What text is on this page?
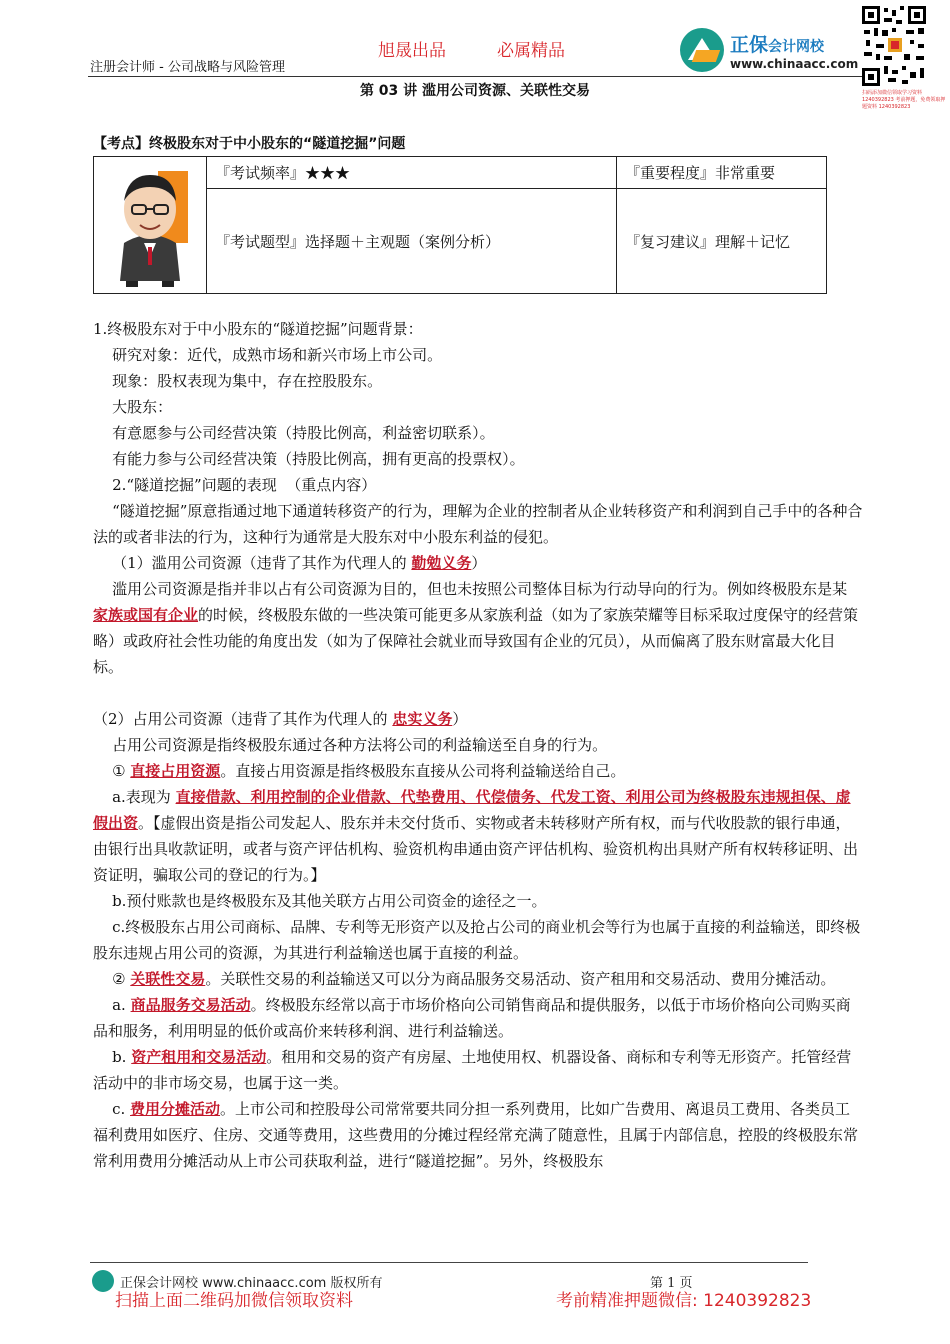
注册会计师 - 公司战略与风险管理
旭晟出品	必属精品	正保会计网校
www.chinaacc.com
扫码添加微信领取学习资料 1240392823 考前押题，免费领取押题资料 1240392823
第 03 讲 滥用公司资源、关联性交易
【考点】终极股东对于中小股东的“隧道挖掘”问题
	『考试频率』★★★	『重要程度』非常重要
	『考试题型』选择题＋主观题（案例分析）	『复习建议』理解＋记忆

1.终极股东对于中小股东的“隧道挖掘”问题背景：

研究对象：近代，成熟市场和新兴市场上市公司。

现象：股权表现为集中，存在控股股东。

大股东：

有意愿参与公司经营决策（持股比例高，利益密切联系）。

有能力参与公司经营决策（持股比例高，拥有更高的投票权）。

2.“隧道挖掘”问题的表现  （重点内容）

“隧道挖掘”原意指通过地下通道转移资产的行为，理解为企业的控制者从企业转移资产和利润到自己手中的各种合法的或者非法的行为，这种行为通常是大股东对中小股东利益的侵犯。

（1）滥用公司资源（违背了其作为代理人的 勤勉义务）

滥用公司资源是指并非以占有公司资源为目的，但也未按照公司整体目标为行动导向的行为。例如终极股东是某 家族或国有企业的时候，终极股东做的一些决策可能更多从家族利益（如为了家族荣耀等目标采取过度保守的经营策略）或政府社会性功能的角度出发（如为了保障社会就业而导致国有企业的冗员），从而偏离了股东财富最大化目标。

（2）占用公司资源（违背了其作为代理人的 忠实义务）

占用公司资源是指终极股东通过各种方法将公司的利益输送至自身的行为。

① 直接占用资源。直接占用资源是指终极股东直接从公司将利益输送给自己。

a.表现为 直接借款、利用控制的企业借款、代垫费用、代偿债务、代发工资、利用公司为终极股东违规担保、虚假出资。【虚假出资是指公司发起人、股东并未交付货币、实物或者未转移财产所有权，而与代收股款的银行串通，由银行出具收款证明，或者与资产评估机构、验资机构串通由资产评估机构、验资机构出具财产所有权转移证明、出资证明，骗取公司的登记的行为。】

b.预付账款也是终极股东及其他关联方占用公司资金的途径之一。

c.终极股东占用公司商标、品牌、专利等无形资产以及抢占公司的商业机会等行为也属于直接的利益输送，即终极股东违规占用公司的资源，为其进行利益输送也属于直接的利益。

② 关联性交易。关联性交易的利益输送又可以分为商品服务交易活动、资产租用和交易活动、费用分摊活动。

a. 商品服务交易活动。终极股东经常以高于市场价格向公司销售商品和提供服务，以低于市场价格向公司购买商品和服务，利用明显的低价或高价来转移利润、进行利益输送。

b. 资产租用和交易活动。租用和交易的资产有房屋、土地使用权、机器设备、商标和专利等无形资产。托管经营活动中的非市场交易，也属于这一类。

c. 费用分摊活动。上市公司和控股母公司常常要共同分担一系列费用，比如广告费用、离退员工费用、各类员工福利费用如医疗、住房、交通等费用，这些费用的分摊过程经常充满了随意性，且属于内部信息，控股的终极股东常常利用费用分摊活动从上市公司获取利益，进行“隧道挖掘”。另外，终极股东

正保会计网校 www.chinaacc.com 版权所有	第 1 页
扫描上面二维码加微信领取资料	考前精准押题微信: 1240392823
